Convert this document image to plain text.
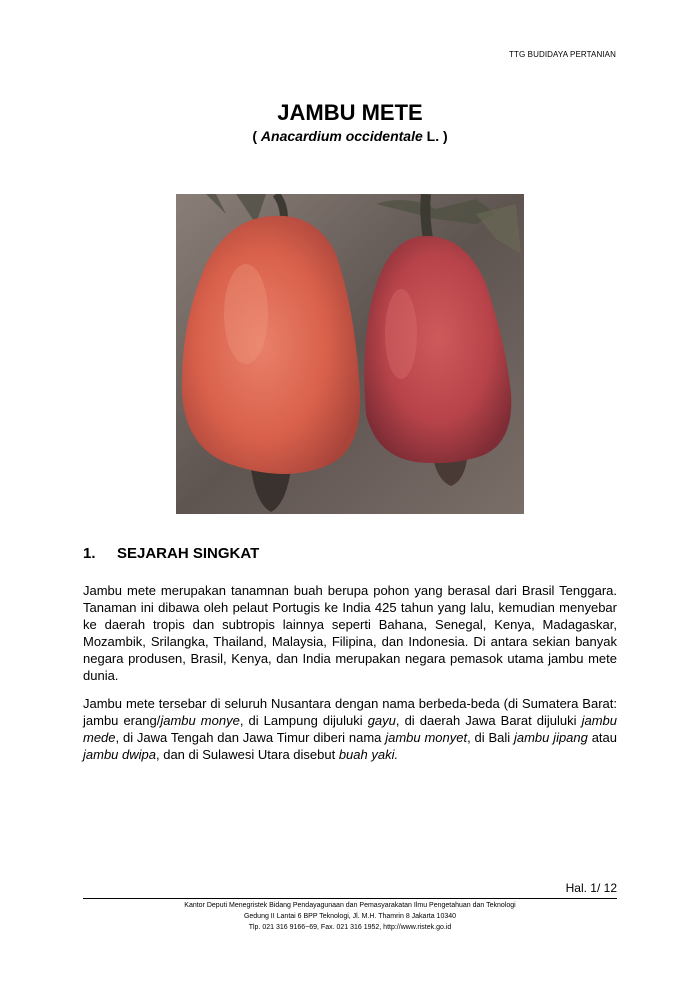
TTG BUDIDAYA PERTANIAN
JAMBU METE
( Anacardium occidentale L. )
1. SEJARAH SINGKAT
Jambu mete merupakan tanamnan buah berupa pohon yang berasal dari Brasil Tenggara. Tanaman ini dibawa oleh pelaut Portugis ke India 425 tahun yang lalu, kemudian menyebar ke daerah tropis dan subtropis lainnya seperti Bahana, Senegal, Kenya, Madagaskar, Mozambik, Srilangka, Thailand, Malaysia, Filipina, dan Indonesia. Di antara sekian banyak negara produsen, Brasil, Kenya, dan India merupakan negara pemasok utama jambu mete dunia.
Jambu mete tersebar di seluruh Nusantara dengan nama berbeda-beda (di Sumatera Barat: jambu erang/jambu monye, di Lampung dijuluki gayu, di daerah Jawa Barat dijuluki jambu mede, di Jawa Tengah dan Jawa Timur diberi nama jambu monyet, di Bali jambu jipang atau jambu dwipa, dan di Sulawesi Utara disebut buah yaki.
Hal. 1/ 12
Kantor Deputi Menegristek Bidang Pendayagunaan dan Pemasyarakatan Ilmu Pengetahuan dan Teknologi
Gedung II Lantai 6 BPP Teknologi, Jl. M.H. Thamrin 8 Jakarta 10340
Tlp. 021 316 9166~69, Fax. 021 316 1952, http://www.ristek.go.id
